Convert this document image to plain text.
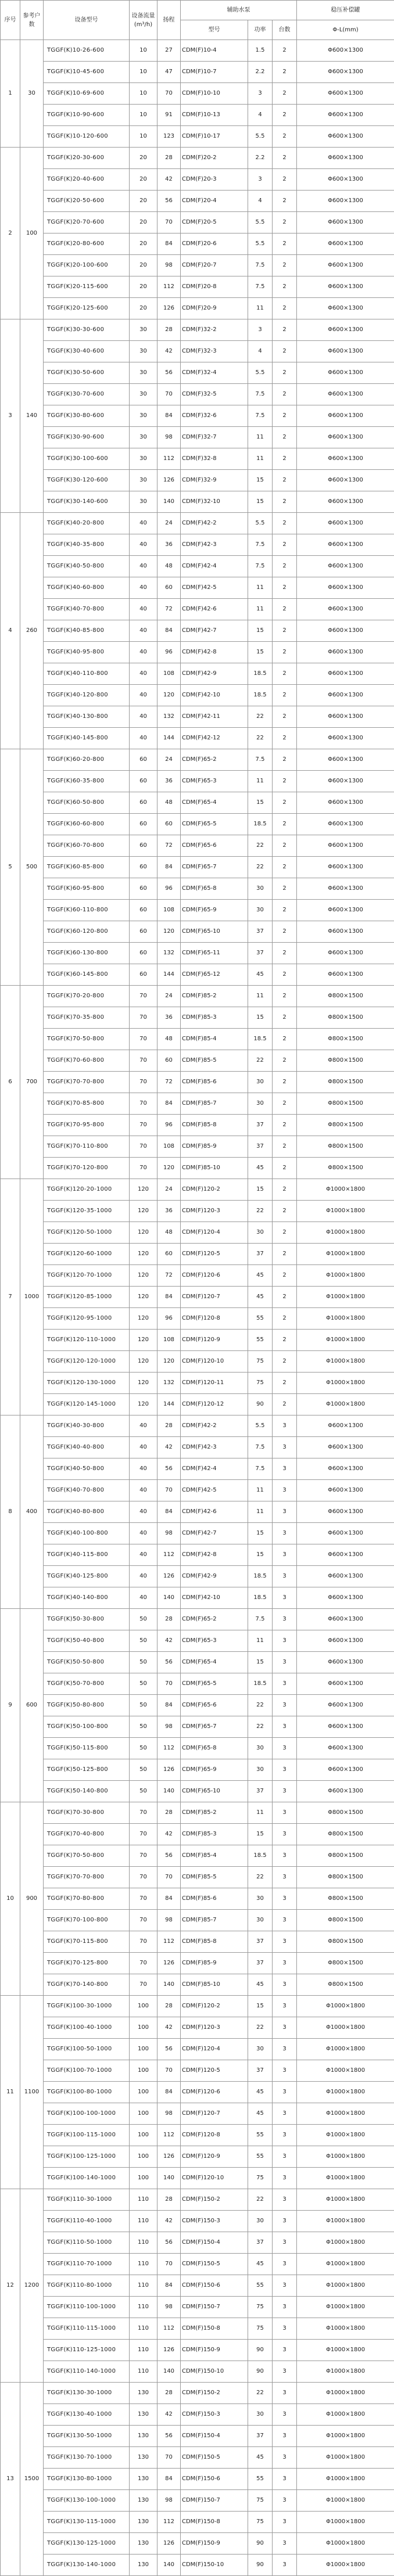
序号	参考户数	设备型号	设备流量(m³/h)	扬程	辅助水泵			稳压补偿罐
					型号	功率	台数	Φ-L(mm)
1	30	TGGF(K)10-26-600	10	27	CDM(F)10-4	1.5	2	Φ600×1300
		TGGF(K)10-45-600	10	47	CDM(F)10-7	2.2	2	Φ600×1300
		TGGF(K)10-69-600	10	70	CDM(F)10-10	3	2	Φ600×1300
		TGGF(K)10-90-600	10	91	CDM(F)10-13	4	2	Φ600×1300
		TGGF(K)10-120-600	10	123	CDM(F)10-17	5.5	2	Φ600×1300
2	100	TGGF(K)20-30-600	20	28	CDM(F)20-2	2.2	2	Φ600×1300
		TGGF(K)20-40-600	20	42	CDM(F)20-3	3	2	Φ600×1300
		TGGF(K)20-50-600	20	56	CDM(F)20-4	4	2	Φ600×1300
		TGGF(K)20-70-600	20	70	CDM(F)20-5	5.5	2	Φ600×1300
		TGGF(K)20-80-600	20	84	CDM(F)20-6	5.5	2	Φ600×1300
		TGGF(K)20-100-600	20	98	CDM(F)20-7	7.5	2	Φ600×1300
		TGGF(K)20-115-600	20	112	CDM(F)20-8	7.5	2	Φ600×1300
		TGGF(K)20-125-600	20	126	CDM(F)20-9	11	2	Φ600×1300
3	140	TGGF(K)30-30-600	30	28	CDM(F)32-2	3	2	Φ600×1300
		TGGF(K)30-40-600	30	42	CDM(F)32-3	4	2	Φ600×1300
		TGGF(K)30-50-600	30	56	CDM(F)32-4	5.5	2	Φ600×1300
		TGGF(K)30-70-600	30	70	CDM(F)32-5	7.5	2	Φ600×1300
		TGGF(K)30-80-600	30	84	CDM(F)32-6	7.5	2	Φ600×1300
		TGGF(K)30-90-600	30	98	CDM(F)32-7	11	2	Φ600×1300
		TGGF(K)30-100-600	30	112	CDM(F)32-8	11	2	Φ600×1300
		TGGF(K)30-120-600	30	126	CDM(F)32-9	15	2	Φ600×1300
		TGGF(K)30-140-600	30	140	CDM(F)32-10	15	2	Φ600×1300
4	260	TGGF(K)40-20-800	40	24	CDM(F)42-2	5.5	2	Φ600×1300
		TGGF(K)40-35-800	40	36	CDM(F)42-3	7.5	2	Φ600×1300
		TGGF(K)40-50-800	40	48	CDM(F)42-4	7.5	2	Φ600×1300
		TGGF(K)40-60-800	40	60	CDM(F)42-5	11	2	Φ600×1300
		TGGF(K)40-70-800	40	72	CDM(F)42-6	11	2	Φ600×1300
		TGGF(K)40-85-800	40	84	CDM(F)42-7	15	2	Φ600×1300
		TGGF(K)40-95-800	40	96	CDM(F)42-8	15	2	Φ600×1300
		TGGF(K)40-110-800	40	108	CDM(F)42-9	18.5	2	Φ600×1300
		TGGF(K)40-120-800	40	120	CDM(F)42-10	18.5	2	Φ600×1300
		TGGF(K)40-130-800	40	132	CDM(F)42-11	22	2	Φ600×1300
		TGGF(K)40-145-800	40	144	CDM(F)42-12	22	2	Φ600×1300
5	500	TGGF(K)60-20-800	60	24	CDM(F)65-2	7.5	2	Φ600×1300
		TGGF(K)60-35-800	60	36	CDM(F)65-3	11	2	Φ600×1300
		TGGF(K)60-50-800	60	48	CDM(F)65-4	15	2	Φ600×1300
		TGGF(K)60-60-800	60	60	CDM(F)65-5	18.5	2	Φ600×1300
		TGGF(K)60-70-800	60	72	CDM(F)65-6	22	2	Φ600×1300
		TGGF(K)60-85-800	60	84	CDM(F)65-7	22	2	Φ600×1300
		TGGF(K)60-95-800	60	96	CDM(F)65-8	30	2	Φ600×1300
		TGGF(K)60-110-800	60	108	CDM(F)65-9	30	2	Φ600×1300
		TGGF(K)60-120-800	60	120	CDM(F)65-10	37	2	Φ600×1300
		TGGF(K)60-130-800	60	132	CDM(F)65-11	37	2	Φ600×1300
		TGGF(K)60-145-800	60	144	CDM(F)65-12	45	2	Φ600×1300
6	700	TGGF(K)70-20-800	70	24	CDM(F)85-2	11	2	Φ800×1500
		TGGF(K)70-35-800	70	36	CDM(F)85-3	15	2	Φ800×1500
		TGGF(K)70-50-800	70	48	CDM(F)85-4	18.5	2	Φ800×1500
		TGGF(K)70-60-800	70	60	CDM(F)85-5	22	2	Φ800×1500
		TGGF(K)70-70-800	70	72	CDM(F)85-6	30	2	Φ800×1500
		TGGF(K)70-85-800	70	84	CDM(F)85-7	30	2	Φ800×1500
		TGGF(K)70-95-800	70	96	CDM(F)85-8	37	2	Φ800×1500
		TGGF(K)70-110-800	70	108	CDM(F)85-9	37	2	Φ800×1500
		TGGF(K)70-120-800	70	120	CDM(F)85-10	45	2	Φ800×1500
7	1000	TGGF(K)120-20-1000	120	24	CDM(F)120-2	15	2	Φ1000×1800
		TGGF(K)120-35-1000	120	36	CDM(F)120-3	22	2	Φ1000×1800
		TGGF(K)120-50-1000	120	48	CDM(F)120-4	30	2	Φ1000×1800
		TGGF(K)120-60-1000	120	60	CDM(F)120-5	37	2	Φ1000×1800
		TGGF(K)120-70-1000	120	72	CDM(F)120-6	45	2	Φ1000×1800
		TGGF(K)120-85-1000	120	84	CDM(F)120-7	45	2	Φ1000×1800
		TGGF(K)120-95-1000	120	96	CDM(F)120-8	55	2	Φ1000×1800
		TGGF(K)120-110-1000	120	108	CDM(F)120-9	55	2	Φ1000×1800
		TGGF(K)120-120-1000	120	120	CDM(F)120-10	75	2	Φ1000×1800
		TGGF(K)120-130-1000	120	132	CDM(F)120-11	75	2	Φ1000×1800
		TGGF(K)120-145-1000	120	144	CDM(F)120-12	90	2	Φ1000×1800
8	400	TGGF(K)40-30-800	40	28	CDM(F)42-2	5.5	3	Φ600×1300
		TGGF(K)40-40-800	40	42	CDM(F)42-3	7.5	3	Φ600×1300
		TGGF(K)40-50-800	40	56	CDM(F)42-4	7.5	3	Φ600×1300
		TGGF(K)40-70-800	40	70	CDM(F)42-5	11	3	Φ600×1300
		TGGF(K)40-80-800	40	84	CDM(F)42-6	11	3	Φ600×1300
		TGGF(K)40-100-800	40	98	CDM(F)42-7	15	3	Φ600×1300
		TGGF(K)40-115-800	40	112	CDM(F)42-8	15	3	Φ600×1300
		TGGF(K)40-125-800	40	126	CDM(F)42-9	18.5	3	Φ600×1300
		TGGF(K)40-140-800	40	140	CDM(F)42-10	18.5	3	Φ600×1300
9	600	TGGF(K)50-30-800	50	28	CDM(F)65-2	7.5	3	Φ600×1300
		TGGF(K)50-40-800	50	42	CDM(F)65-3	11	3	Φ600×1300
		TGGF(K)50-50-800	50	56	CDM(F)65-4	15	3	Φ600×1300
		TGGF(K)50-70-800	50	70	CDM(F)65-5	18.5	3	Φ600×1300
		TGGF(K)50-80-800	50	84	CDM(F)65-6	22	3	Φ600×1300
		TGGF(K)50-100-800	50	98	CDM(F)65-7	22	3	Φ600×1300
		TGGF(K)50-115-800	50	112	CDM(F)65-8	30	3	Φ600×1300
		TGGF(K)50-125-800	50	126	CDM(F)65-9	30	3	Φ600×1300
		TGGF(K)50-140-800	50	140	CDM(F)65-10	37	3	Φ600×1300
10	900	TGGF(K)70-30-800	70	28	CDM(F)85-2	11	3	Φ800×1500
		TGGF(K)70-40-800	70	42	CDM(F)85-3	15	3	Φ800×1500
		TGGF(K)70-50-800	70	56	CDM(F)85-4	18.5	3	Φ800×1500
		TGGF(K)70-70-800	70	70	CDM(F)85-5	22	3	Φ800×1500
		TGGF(K)70-80-800	70	84	CDM(F)85-6	30	3	Φ800×1500
		TGGF(K)70-100-800	70	98	CDM(F)85-7	30	3	Φ800×1500
		TGGF(K)70-115-800	70	112	CDM(F)85-8	37	3	Φ800×1500
		TGGF(K)70-125-800	70	126	CDM(F)85-9	37	3	Φ800×1500
		TGGF(K)70-140-800	70	140	CDM(F)85-10	45	3	Φ800×1500
11	1100	TGGF(K)100-30-1000	100	28	CDM(F)120-2	15	3	Φ1000×1800
		TGGF(K)100-40-1000	100	42	CDM(F)120-3	22	3	Φ1000×1800
		TGGF(K)100-50-1000	100	56	CDM(F)120-4	30	3	Φ1000×1800
		TGGF(K)100-70-1000	100	70	CDM(F)120-5	37	3	Φ1000×1800
		TGGF(K)100-80-1000	100	84	CDM(F)120-6	45	3	Φ1000×1800
		TGGF(K)100-100-1000	100	98	CDM(F)120-7	45	3	Φ1000×1800
		TGGF(K)100-115-1000	100	112	CDM(F)120-8	55	3	Φ1000×1800
		TGGF(K)100-125-1000	100	126	CDM(F)120-9	55	3	Φ1000×1800
		TGGF(K)100-140-1000	100	140	CDM(F)120-10	75	3	Φ1000×1800
12	1200	TGGF(K)110-30-1000	110	28	CDM(F)150-2	22	3	Φ1000×1800
		TGGF(K)110-40-1000	110	42	CDM(F)150-3	30	3	Φ1000×1800
		TGGF(K)110-50-1000	110	56	CDM(F)150-4	37	3	Φ1000×1800
		TGGF(K)110-70-1000	110	70	CDM(F)150-5	45	3	Φ1000×1800
		TGGF(K)110-80-1000	110	84	CDM(F)150-6	55	3	Φ1000×1800
		TGGF(K)110-100-1000	110	98	CDM(F)150-7	75	3	Φ1000×1800
		TGGF(K)110-115-1000	110	112	CDM(F)150-8	75	3	Φ1000×1800
		TGGF(K)110-125-1000	110	126	CDM(F)150-9	90	3	Φ1000×1800
		TGGF(K)110-140-1000	110	140	CDM(F)150-10	90	3	Φ1000×1800
13	1500	TGGF(K)130-30-1000	130	28	CDM(F)150-2	22	3	Φ1000×1800
		TGGF(K)130-40-1000	130	42	CDM(F)150-3	30	3	Φ1000×1800
		TGGF(K)130-50-1000	130	56	CDM(F)150-4	37	3	Φ1000×1800
		TGGF(K)130-70-1000	130	70	CDM(F)150-5	45	3	Φ1000×1800
		TGGF(K)130-80-1000	130	84	CDM(F)150-6	55	3	Φ1000×1800
		TGGF(K)130-100-1000	130	98	CDM(F)150-7	75	3	Φ1000×1800
		TGGF(K)130-115-1000	130	112	CDM(F)150-8	75	3	Φ1000×1800
		TGGF(K)130-125-1000	130	126	CDM(F)150-9	90	3	Φ1000×1800
		TGGF(K)130-140-1000	130	140	CDM(F)150-10	90	3	Φ1000×1800
